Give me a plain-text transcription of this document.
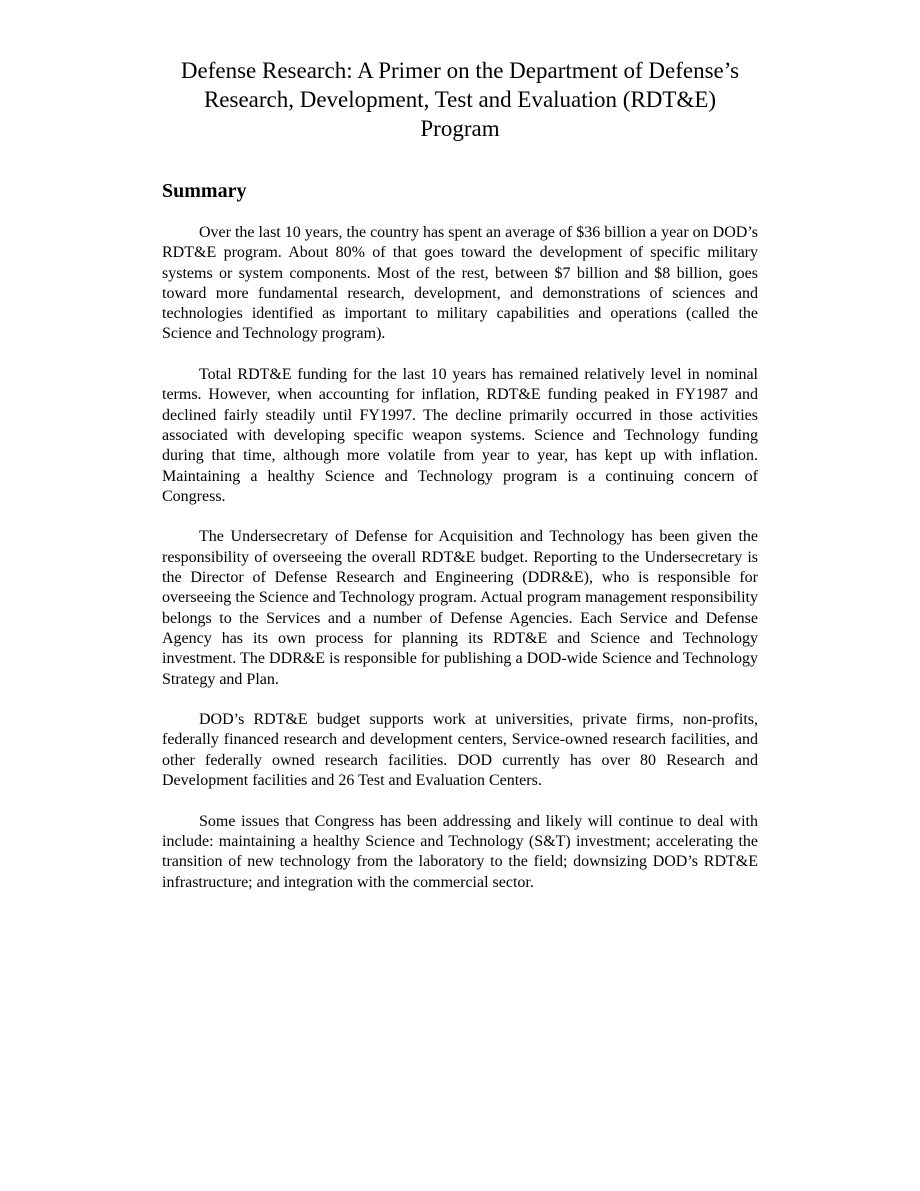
Defense Research: A Primer on the Department of Defense’s
Research, Development, Test and Evaluation (RDT&E)
Program
Summary

Over the last 10 years, the country has spent an average of $36 billion a year on DOD’s RDT&E program. About 80% of that goes toward the development of specific military systems or system components. Most of the rest, between $7 billion and $8 billion, goes toward more fundamental research, development, and demonstrations of sciences and technologies identified as important to military capabilities and operations (called the Science and Technology program).

Total RDT&E funding for the last 10 years has remained relatively level in nominal terms. However, when accounting for inflation, RDT&E funding peaked in FY1987 and declined fairly steadily until FY1997. The decline primarily occurred in those activities associated with developing specific weapon systems. Science and Technology funding during that time, although more volatile from year to year, has kept up with inflation. Maintaining a healthy Science and Technology program is a continuing concern of Congress.

The Undersecretary of Defense for Acquisition and Technology has been given the responsibility of overseeing the overall RDT&E budget. Reporting to the Undersecretary is the Director of Defense Research and Engineering (DDR&E), who is responsible for overseeing the Science and Technology program. Actual program management responsibility belongs to the Services and a number of Defense Agencies. Each Service and Defense Agency has its own process for planning its RDT&E and Science and Technology investment. The DDR&E is responsible for publishing a DOD-wide Science and Technology Strategy and Plan.

DOD’s RDT&E budget supports work at universities, private firms, non-profits, federally financed research and development centers, Service-owned research facilities, and other federally owned research facilities. DOD currently has over 80 Research and Development facilities and 26 Test and Evaluation Centers.

Some issues that Congress has been addressing and likely will continue to deal with include: maintaining a healthy Science and Technology (S&T) investment; accelerating the transition of new technology from the laboratory to the field; downsizing DOD’s RDT&E infrastructure; and integration with the commercial sector.
